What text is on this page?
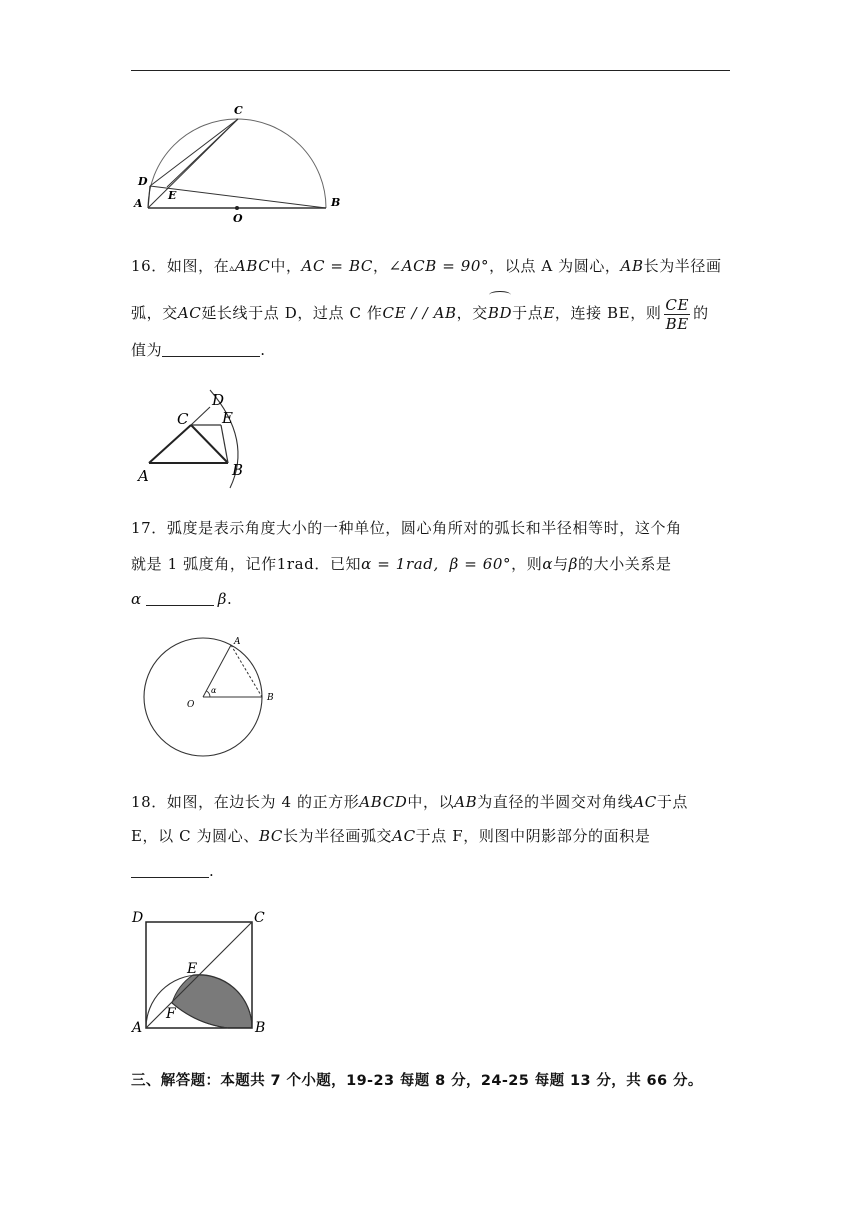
C
D
E
A
O
B
16．如图，在▵ABC中，AC = BC，∠ACB = 90°，以点 A 为圆心，AB长为半径画
弧，交AC延长线于点 D，过点 C 作CE / / AB，交BD于点E，连接 BE，则 $\frac{CE}{BE}$ 的
值为	.
D
C E
A	B
17．弧度是表示角度大小的一种单位，圆心角所对的弧长和半径相等时，这个角
就是 1 弧度角，记作1rad．已知α = 1rad, β = 60°，则α与β的大小关系是
α	β.
A
B
O
α
18．如图，在边长为 4 的正方形ABCD中，以AB为直径的半圆交对角线AC于点
E，以 C 为圆心、BC长为半径画弧交AC于点 F，则图中阴影部分的面积是
.
D	C
E
F
A	B
三、解答题：本题共 7 个小题，19-23 每题 8 分，24-25 每题 13 分，共 66 分。
